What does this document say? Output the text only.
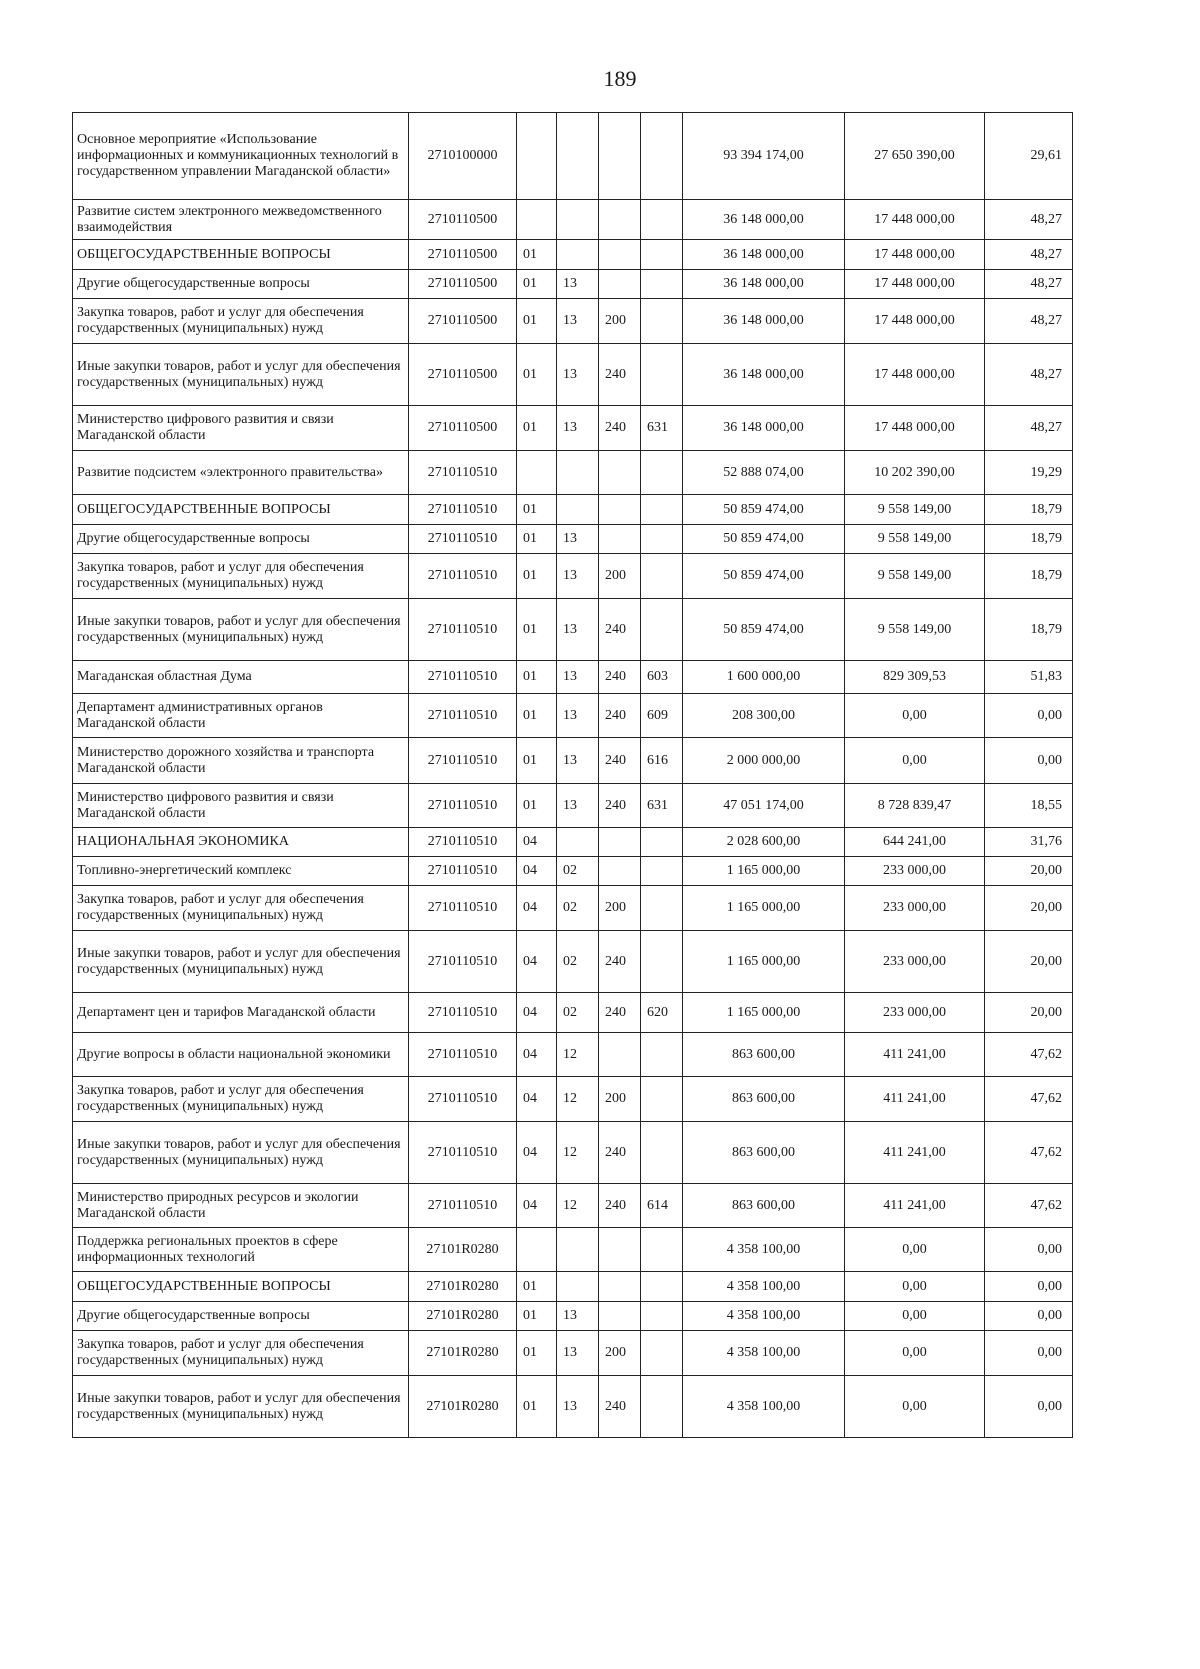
189
Основное мероприятие «Использование информационных и коммуникационных технологий в государственном управлении Магаданской области»	2710100000					93 394 174,00	27 650 390,00	29,61
Развитие систем электронного межведомственного взаимодействия	2710110500					36 148 000,00	17 448 000,00	48,27
ОБЩЕГОСУДАРСТВЕННЫЕ ВОПРОСЫ	2710110500	01				36 148 000,00	17 448 000,00	48,27
Другие общегосударственные вопросы	2710110500	01	13			36 148 000,00	17 448 000,00	48,27
Закупка товаров, работ и услуг для обеспечения государственных (муниципальных) нужд	2710110500	01	13	200		36 148 000,00	17 448 000,00	48,27
Иные закупки товаров, работ и услуг для обеспечения государственных (муниципальных) нужд	2710110500	01	13	240		36 148 000,00	17 448 000,00	48,27
Министерство цифрового развития и связи Магаданской области	2710110500	01	13	240	631	36 148 000,00	17 448 000,00	48,27
Развитие подсистем «электронного правительства»	2710110510					52 888 074,00	10 202 390,00	19,29
ОБЩЕГОСУДАРСТВЕННЫЕ ВОПРОСЫ	2710110510	01				50 859 474,00	9 558 149,00	18,79
Другие общегосударственные вопросы	2710110510	01	13			50 859 474,00	9 558 149,00	18,79
Закупка товаров, работ и услуг для обеспечения государственных (муниципальных) нужд	2710110510	01	13	200		50 859 474,00	9 558 149,00	18,79
Иные закупки товаров, работ и услуг для обеспечения государственных (муниципальных) нужд	2710110510	01	13	240		50 859 474,00	9 558 149,00	18,79
Магаданская областная Дума	2710110510	01	13	240	603	1 600 000,00	829 309,53	51,83
Департамент административных органов Магаданской области	2710110510	01	13	240	609	208 300,00	0,00	0,00
Министерство дорожного хозяйства и транспорта Магаданской области	2710110510	01	13	240	616	2 000 000,00	0,00	0,00
Министерство цифрового развития и связи Магаданской области	2710110510	01	13	240	631	47 051 174,00	8 728 839,47	18,55
НАЦИОНАЛЬНАЯ ЭКОНОМИКА	2710110510	04				2 028 600,00	644 241,00	31,76
Топливно-энергетический комплекс	2710110510	04	02			1 165 000,00	233 000,00	20,00
Закупка товаров, работ и услуг для обеспечения государственных (муниципальных) нужд	2710110510	04	02	200		1 165 000,00	233 000,00	20,00
Иные закупки товаров, работ и услуг для обеспечения государственных (муниципальных) нужд	2710110510	04	02	240		1 165 000,00	233 000,00	20,00
Департамент цен и тарифов Магаданской области	2710110510	04	02	240	620	1 165 000,00	233 000,00	20,00
Другие вопросы в области национальной экономики	2710110510	04	12			863 600,00	411 241,00	47,62
Закупка товаров, работ и услуг для обеспечения государственных (муниципальных) нужд	2710110510	04	12	200		863 600,00	411 241,00	47,62
Иные закупки товаров, работ и услуг для обеспечения государственных (муниципальных) нужд	2710110510	04	12	240		863 600,00	411 241,00	47,62
Министерство природных ресурсов и экологии Магаданской области	2710110510	04	12	240	614	863 600,00	411 241,00	47,62
Поддержка региональных проектов в сфере информационных технологий	27101R0280					4 358 100,00	0,00	0,00
ОБЩЕГОСУДАРСТВЕННЫЕ ВОПРОСЫ	27101R0280	01				4 358 100,00	0,00	0,00
Другие общегосударственные вопросы	27101R0280	01	13			4 358 100,00	0,00	0,00
Закупка товаров, работ и услуг для обеспечения государственных (муниципальных) нужд	27101R0280	01	13	200		4 358 100,00	0,00	0,00
Иные закупки товаров, работ и услуг для обеспечения государственных (муниципальных) нужд	27101R0280	01	13	240		4 358 100,00	0,00	0,00
